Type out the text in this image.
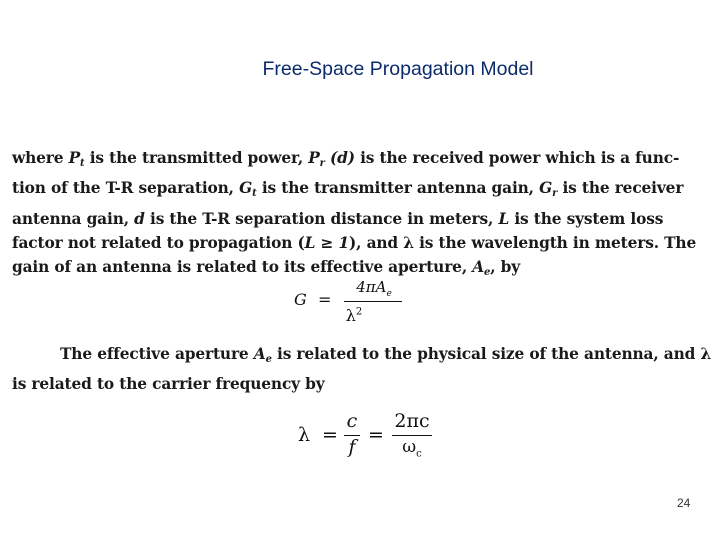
Free-Space Propagation Model
where $P_t$ is the transmitted power, $P_r$ (d) is the received power which is a func-tion of the T-R separation, $G_t$ is the transmitter antenna gain, $G_r$ is the receiver antenna gain, d is the T-R separation distance in meters, L is the system loss factor not related to propagation (L ≥ 1), and λ is the wavelength in meters. The gain of an antenna is related to its effective aperture, $A_e$, by
G =
$4\pi A_e$
$\lambda^2$
The effective aperture $A_e$ is related to the physical size of the antenna, and λ is related to the carrier frequency by
λ =
c
f
=
2πc
$\omega_c$
24
